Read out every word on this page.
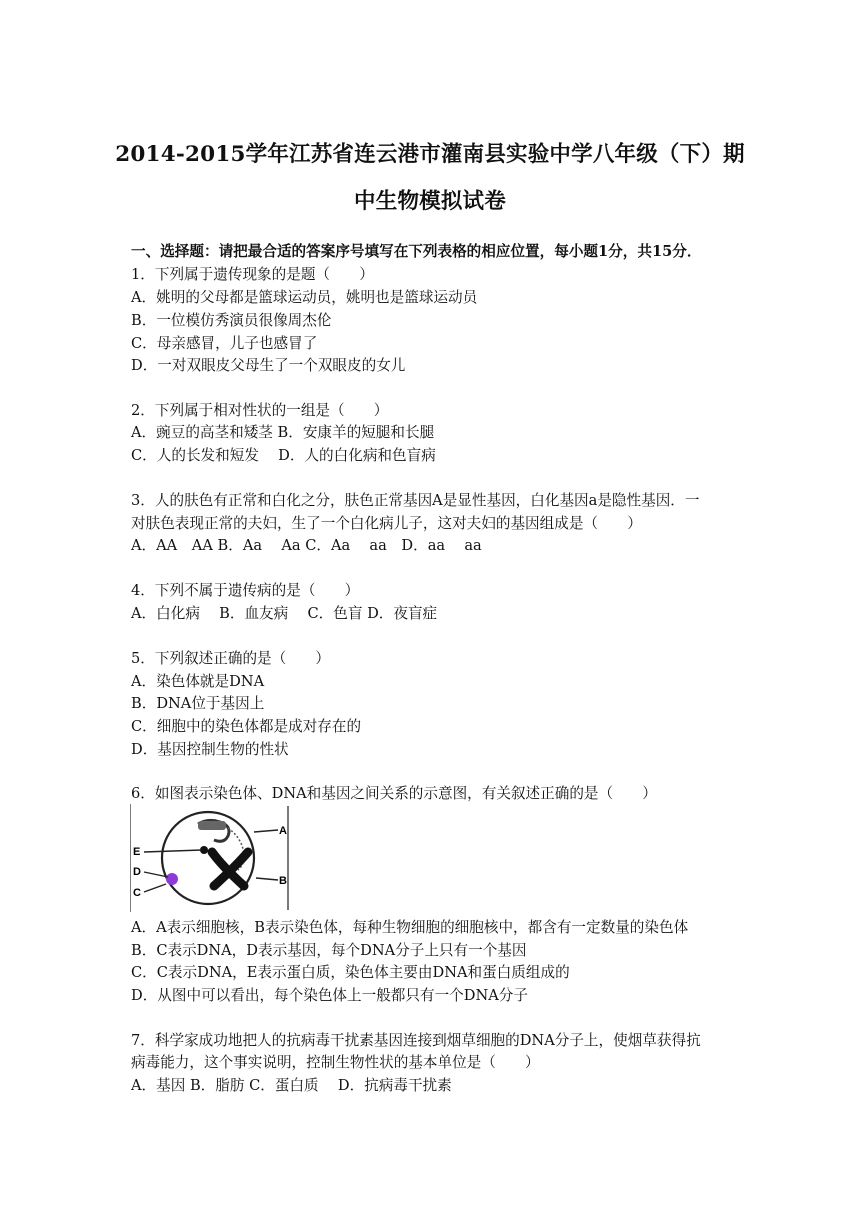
2014-2015学年江苏省连云港市灌南县实验中学八年级（下）期
中生物模拟试卷
一、选择题：请把最合适的答案序号填写在下列表格的相应位置，每小题1分，共15分．
1．下列属于遗传现象的是题（　　）
A．姚明的父母都是篮球运动员，姚明也是篮球运动员
B．一位模仿秀演员很像周杰伦
C．母亲感冒，儿子也感冒了
D．一对双眼皮父母生了一个双眼皮的女儿
2．下列属于相对性状的一组是（　　）
A．豌豆的高茎和矮茎 B．安康羊的短腿和长腿
C．人的长发和短发　 D．人的白化病和色盲病
3．人的肤色有正常和白化之分，肤色正常基因A是显性基因，白化基因a是隐性基因．一
对肤色表现正常的夫妇，生了一个白化病儿子，这对夫妇的基因组成是（　　）
A．AA　AA B．Aa　 Aa C．Aa　 aa　D．aa　 aa
4．下列不属于遗传病的是（　　）
A．白化病　 B．血友病　 C．色盲 D．夜盲症
5．下列叙述正确的是（　　）
A．染色体就是DNA
B．DNA位于基因上
C．细胞中的染色体都是成对存在的
D．基因控制生物的性状
6．如图表示染色体、DNA和基因之间关系的示意图，有关叙述正确的是（　　）
E
D
C
A
B
A．A表示细胞核，B表示染色体，每种生物细胞的细胞核中，都含有一定数量的染色体
B．C表示DNA，D表示基因，每个DNA分子上只有一个基因
C．C表示DNA，E表示蛋白质，染色体主要由DNA和蛋白质组成的
D．从图中可以看出，每个染色体上一般都只有一个DNA分子
7．科学家成功地把人的抗病毒干扰素基因连接到烟草细胞的DNA分子上，使烟草获得抗
病毒能力，这个事实说明，控制生物性状的基本单位是（　　）
A．基因 B．脂肪 C．蛋白质　 D．抗病毒干扰素
